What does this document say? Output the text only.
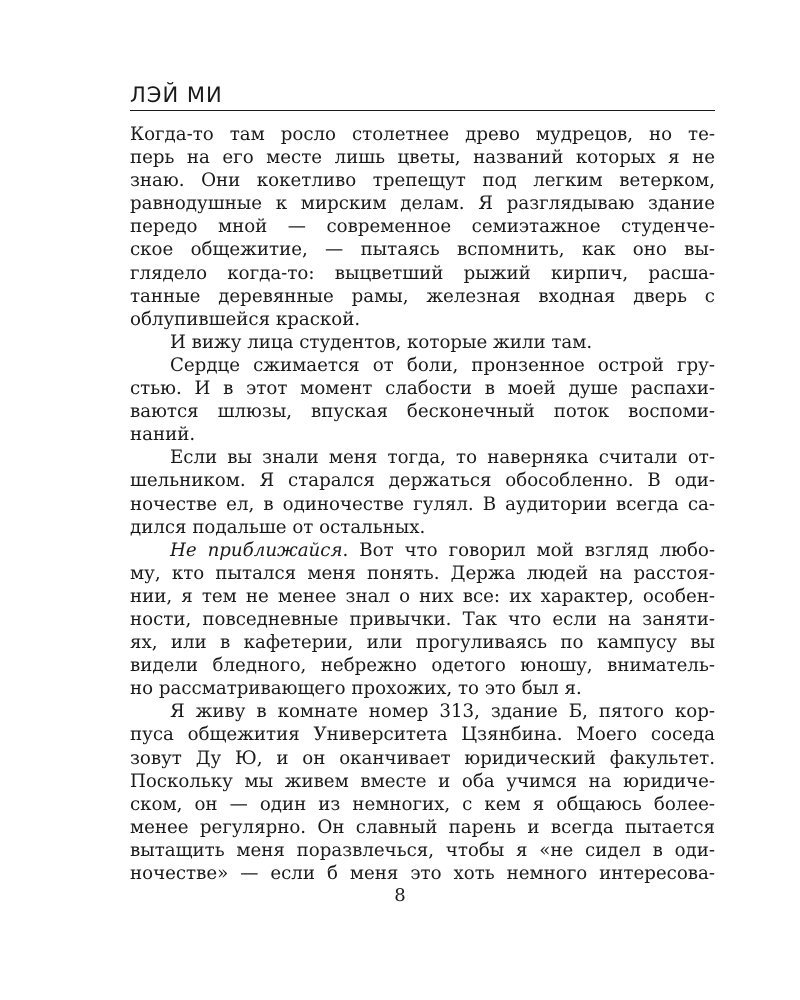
ЛЭЙ МИ
Когда-то там росло столетнее древо мудрецов, но те-
перь на его месте лишь цветы, названий которых я не
знаю. Они кокетливо трепещут под легким ветерком,
равнодушные к мирским делам. Я разглядываю здание
передо мной — современное семиэтажное студенче-
ское общежитие, — пытаясь вспомнить, как оно вы-
глядело когда-то: выцветший рыжий кирпич, расша-
танные деревянные рамы, железная входная дверь с
облупившейся краской.
И вижу лица студентов, которые жили там.
Сердце сжимается от боли, пронзенное острой гру-
стью. И в этот момент слабости в моей душе распахи-
ваются шлюзы, впуская бесконечный поток воспоми-
наний.
Если вы знали меня тогда, то наверняка считали от-
шельником. Я старался держаться обособленно. В оди-
ночестве ел, в одиночестве гулял. В аудитории всегда са-
дился подальше от остальных.
Не приближайся. Вот что говорил мой взгляд любо-
му, кто пытался меня понять. Держа людей на расстоя-
нии, я тем не менее знал о них все: их характер, особен-
ности, повседневные привычки. Так что если на заняти-
ях, или в кафетерии, или прогуливаясь по кампусу вы
видели бледного, небрежно одетого юношу, вниматель-
но рассматривающего прохожих, то это был я.
Я живу в комнате номер 313, здание Б, пятого кор-
пуса общежития Университета Цзянбина. Моего соседа
зовут Ду Ю, и он оканчивает юридический факультет.
Поскольку мы живем вместе и оба учимся на юридиче-
ском, он — один из немногих, с кем я общаюсь более-
менее регулярно. Он славный парень и всегда пытается
вытащить меня поразвлечься, чтобы я «не сидел в оди-
ночестве» — если б меня это хоть немного интересова-
8
